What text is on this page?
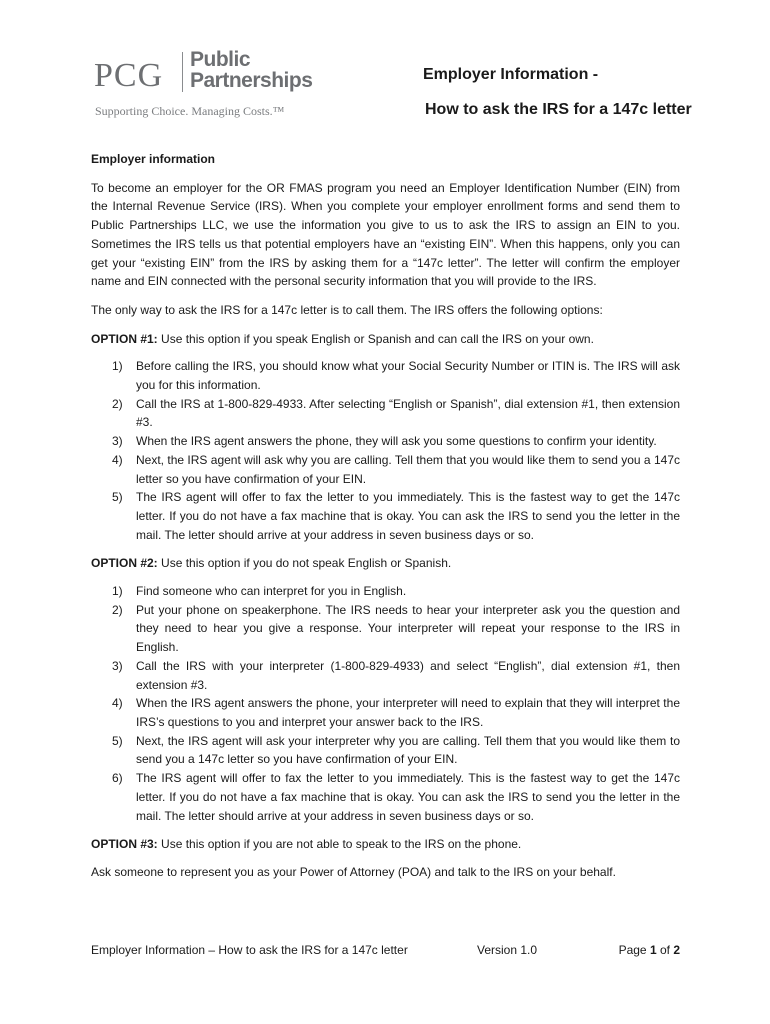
PCG Public
Partnerships
Supporting Choice. Managing Costs.™
Employer Information -
How to ask the IRS for a 147c letter

Employer information

To become an employer for the OR FMAS program you need an Employer Identification Number (EIN) from the Internal Revenue Service (IRS). When you complete your employer enrollment forms and send them to Public Partnerships LLC, we use the information you give to us to ask the IRS to assign an EIN to you. Sometimes the IRS tells us that potential employers have an “existing EIN”. When this happens, only you can get your “existing EIN” from the IRS by asking them for a “147c letter”. The letter will confirm the employer name and EIN connected with the personal security information that you will provide to the IRS.

The only way to ask the IRS for a 147c letter is to call them. The IRS offers the following options:

OPTION #1: Use this option if you speak English or Spanish and can call the IRS on your own.

1) Before calling the IRS, you should know what your Social Security Number or ITIN is. The IRS will ask you for this information.
2) Call the IRS at 1-800-829-4933. After selecting “English or Spanish”, dial extension #1, then extension #3.
3) When the IRS agent answers the phone, they will ask you some questions to confirm your identity.
4) Next, the IRS agent will ask why you are calling. Tell them that you would like them to send you a 147c letter so you have confirmation of your EIN.
5) The IRS agent will offer to fax the letter to you immediately. This is the fastest way to get the 147c letter. If you do not have a fax machine that is okay. You can ask the IRS to send you the letter in the mail. The letter should arrive at your address in seven business days or so.

OPTION #2: Use this option if you do not speak English or Spanish.

1) Find someone who can interpret for you in English.
2) Put your phone on speakerphone. The IRS needs to hear your interpreter ask you the question and they need to hear you give a response. Your interpreter will repeat your response to the IRS in English.
3) Call the IRS with your interpreter (1-800-829-4933) and select “English”, dial extension #1, then extension #3.
4) When the IRS agent answers the phone, your interpreter will need to explain that they will interpret the IRS’s questions to you and interpret your answer back to the IRS.
5) Next, the IRS agent will ask your interpreter why you are calling. Tell them that you would like them to send you a 147c letter so you have confirmation of your EIN.
6) The IRS agent will offer to fax the letter to you immediately. This is the fastest way to get the 147c letter. If you do not have a fax machine that is okay. You can ask the IRS to send you the letter in the mail. The letter should arrive at your address in seven business days or so.

OPTION #3: Use this option if you are not able to speak to the IRS on the phone.

Ask someone to represent you as your Power of Attorney (POA) and talk to the IRS on your behalf.

Employer Information – How to ask the IRS for a 147c letter	Version 1.0	Page 1 of 2
